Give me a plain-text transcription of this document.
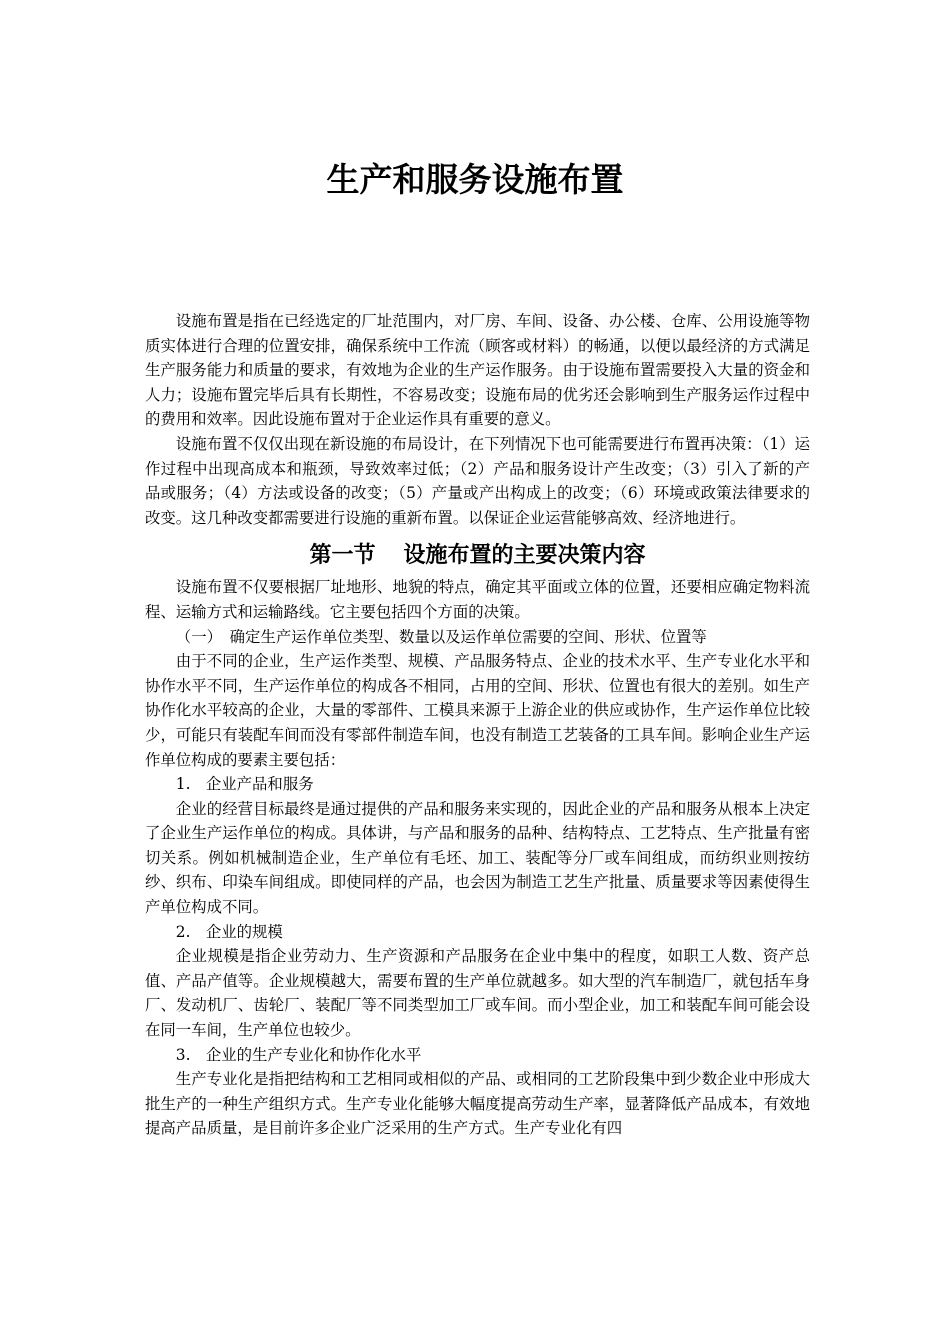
生产和服务设施布置

设施布置是指在已经选定的厂址范围内，对厂房、车间、设备、办公楼、仓库、公用设施等物质实体进行合理的位置安排，确保系统中工作流（顾客或材料）的畅通，以便以最经济的方式满足生产服务能力和质量的要求，有效地为企业的生产运作服务。由于设施布置需要投入大量的资金和人力；设施布置完毕后具有长期性，不容易改变；设施布局的优劣还会影响到生产服务运作过程中的费用和效率。因此设施布置对于企业运作具有重要的意义。

设施布置不仅仅出现在新设施的布局设计，在下列情况下也可能需要进行布置再决策：（1）运作过程中出现高成本和瓶颈，导致效率过低；（2）产品和服务设计产生改变；（3）引入了新的产品或服务；（4）方法或设备的改变；（5）产量或产出构成上的改变；（6）环境或政策法律要求的改变。这几种改变都需要进行设施的重新布置。以保证企业运营能够高效、经济地进行。

第一节 设施布置的主要决策内容

设施布置不仅要根据厂址地形、地貌的特点，确定其平面或立体的位置，还要相应确定物料流程、运输方式和运输路线。它主要包括四个方面的决策。

（一）　确定生产运作单位类型、数量以及运作单位需要的空间、形状、位置等

由于不同的企业，生产运作类型、规模、产品服务特点、企业的技术水平、生产专业化水平和协作水平不同，生产运作单位的构成各不相同，占用的空间、形状、位置也有很大的差别。如生产协作化水平较高的企业，大量的零部件、工模具来源于上游企业的供应或协作，生产运作单位比较少，可能只有装配车间而没有零部件制造车间，也没有制造工艺装备的工具车间。影响企业生产运作单位构成的要素主要包括：

1.　企业产品和服务

企业的经营目标最终是通过提供的产品和服务来实现的，因此企业的产品和服务从根本上决定了企业生产运作单位的构成。具体讲，与产品和服务的品种、结构特点、工艺特点、生产批量有密切关系。例如机械制造企业，生产单位有毛坯、加工、装配等分厂或车间组成，而纺织业则按纺纱、织布、印染车间组成。即使同样的产品，也会因为制造工艺生产批量、质量要求等因素使得生产单位构成不同。

2.　企业的规模

企业规模是指企业劳动力、生产资源和产品服务在企业中集中的程度，如职工人数、资产总值、产品产值等。企业规模越大，需要布置的生产单位就越多。如大型的汽车制造厂，就包括车身厂、发动机厂、齿轮厂、装配厂等不同类型加工厂或车间。而小型企业，加工和装配车间可能会设在同一车间，生产单位也较少。

3.　企业的生产专业化和协作化水平

生产专业化是指把结构和工艺相同或相似的产品、或相同的工艺阶段集中到少数企业中形成大批生产的一种生产组织方式。生产专业化能够大幅度提高劳动生产率，显著降低产品成本，有效地提高产品质量，是目前许多企业广泛采用的生产方式。生产专业化有四
